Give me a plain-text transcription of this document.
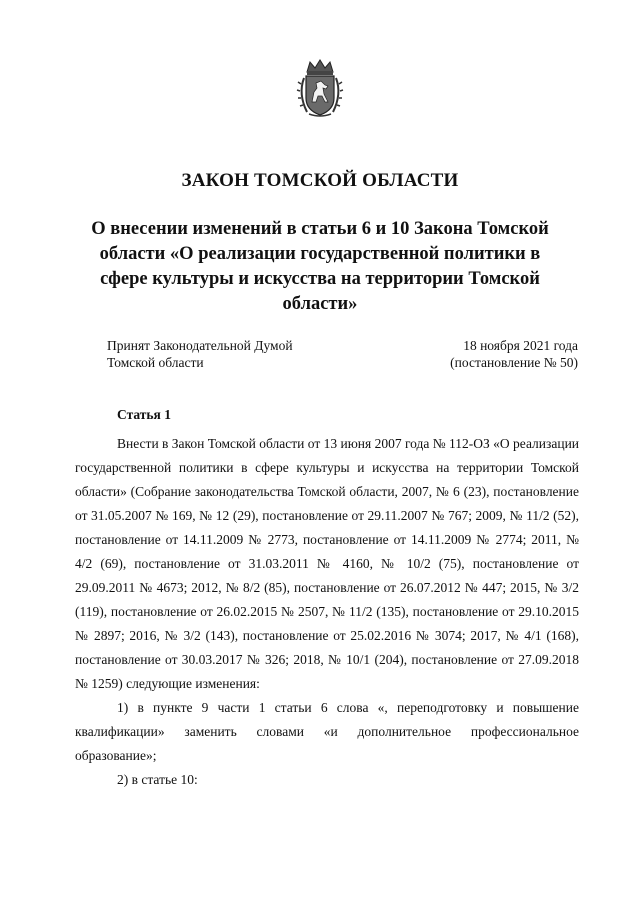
ЗАКОН ТОМСКОЙ ОБЛАСТИ
О внесении изменений в статьи 6 и 10 Закона Томской области «О реализации государственной политики в сфере культуры и искусства на территории Томской области»
Принят Законодательной Думой
Томской области
18 ноября 2021 года
(постановление № 50)
Статья 1

Внести в Закон Томской области от 13 июня 2007 года № 112-ОЗ «О реализации государственной политики в сфере культуры и искусства на территории Томской области» (Собрание законодательства Томской области, 2007, № 6 (23), постановление от 31.05.2007 № 169, № 12 (29), постановление от 29.11.2007 № 767; 2009, № 11/2 (52), постановление от 14.11.2009 № 2773, постановление от 14.11.2009 № 2774; 2011, № 4/2 (69), постановление от 31.03.2011 № 4160, № 10/2 (75), постановление от 29.09.2011 № 4673; 2012, № 8/2 (85), постановление от 26.07.2012 № 447; 2015, № 3/2 (119), постановление от 26.02.2015 № 2507, № 11/2 (135), постановление от 29.10.2015 № 2897; 2016, № 3/2 (143), постановление от 25.02.2016 № 3074; 2017, № 4/1 (168), постановление от 30.03.2017 № 326; 2018, № 10/1 (204), постановление от 27.09.2018 № 1259) следующие изменения:

1) в пункте 9 части 1 статьи 6 слова «, переподготовку и повышение квалификации» заменить словами «и дополнительное профессиональное образование»;

2) в статье 10:
